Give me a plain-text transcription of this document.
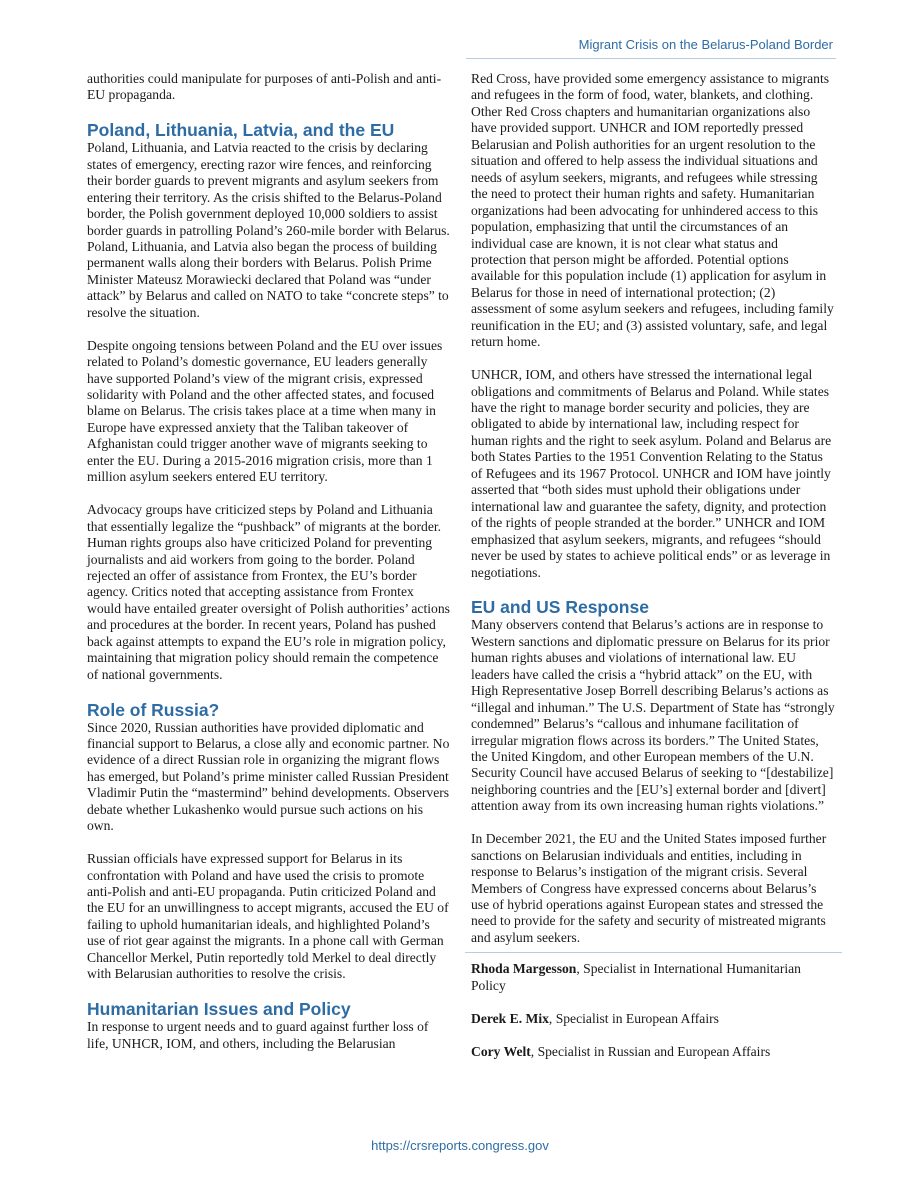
Migrant Crisis on the Belarus-Poland Border

authorities could manipulate for purposes of anti-Polish and anti-EU propaganda.

Poland, Lithuania, Latvia, and the EU

Poland, Lithuania, and Latvia reacted to the crisis by declaring states of emergency, erecting razor wire fences, and reinforcing their border guards to prevent migrants and asylum seekers from entering their territory. As the crisis shifted to the Belarus-Poland border, the Polish government deployed 10,000 soldiers to assist border guards in patrolling Poland’s 260-mile border with Belarus. Poland, Lithuania, and Latvia also began the process of building permanent walls along their borders with Belarus. Polish Prime Minister Mateusz Morawiecki declared that Poland was “under attack” by Belarus and called on NATO to take “concrete steps” to resolve the situation.

Despite ongoing tensions between Poland and the EU over issues related to Poland’s domestic governance, EU leaders generally have supported Poland’s view of the migrant crisis, expressed solidarity with Poland and the other affected states, and focused blame on Belarus. The crisis takes place at a time when many in Europe have expressed anxiety that the Taliban takeover of Afghanistan could trigger another wave of migrants seeking to enter the EU. During a 2015-2016 migration crisis, more than 1 million asylum seekers entered EU territory.

Advocacy groups have criticized steps by Poland and Lithuania that essentially legalize the “pushback” of migrants at the border. Human rights groups also have criticized Poland for preventing journalists and aid workers from going to the border. Poland rejected an offer of assistance from Frontex, the EU’s border agency. Critics noted that accepting assistance from Frontex would have entailed greater oversight of Polish authorities’ actions and procedures at the border. In recent years, Poland has pushed back against attempts to expand the EU’s role in migration policy, maintaining that migration policy should remain the competence of national governments.

Role of Russia?

Since 2020, Russian authorities have provided diplomatic and financial support to Belarus, a close ally and economic partner. No evidence of a direct Russian role in organizing the migrant flows has emerged, but Poland’s prime minister called Russian President Vladimir Putin the “mastermind” behind developments. Observers debate whether Lukashenko would pursue such actions on his own.

Russian officials have expressed support for Belarus in its confrontation with Poland and have used the crisis to promote anti-Polish and anti-EU propaganda. Putin criticized Poland and the EU for an unwillingness to accept migrants, accused the EU of failing to uphold humanitarian ideals, and highlighted Poland’s use of riot gear against the migrants. In a phone call with German Chancellor Merkel, Putin reportedly told Merkel to deal directly with Belarusian authorities to resolve the crisis.

Humanitarian Issues and Policy

In response to urgent needs and to guard against further loss of life, UNHCR, IOM, and others, including the Belarusian

Red Cross, have provided some emergency assistance to migrants and refugees in the form of food, water, blankets, and clothing. Other Red Cross chapters and humanitarian organizations also have provided support. UNHCR and IOM reportedly pressed Belarusian and Polish authorities for an urgent resolution to the situation and offered to help assess the individual situations and needs of asylum seekers, migrants, and refugees while stressing the need to protect their human rights and safety. Humanitarian organizations had been advocating for unhindered access to this population, emphasizing that until the circumstances of an individual case are known, it is not clear what status and protection that person might be afforded. Potential options available for this population include (1) application for asylum in Belarus for those in need of international protection; (2) assessment of some asylum seekers and refugees, including family reunification in the EU; and (3) assisted voluntary, safe, and legal return home.

UNHCR, IOM, and others have stressed the international legal obligations and commitments of Belarus and Poland. While states have the right to manage border security and policies, they are obligated to abide by international law, including respect for human rights and the right to seek asylum. Poland and Belarus are both States Parties to the 1951 Convention Relating to the Status of Refugees and its 1967 Protocol. UNHCR and IOM have jointly asserted that “both sides must uphold their obligations under international law and guarantee the safety, dignity, and protection of the rights of people stranded at the border.” UNHCR and IOM emphasized that asylum seekers, migrants, and refugees “should never be used by states to achieve political ends” or as leverage in negotiations.

EU and US Response

Many observers contend that Belarus’s actions are in response to Western sanctions and diplomatic pressure on Belarus for its prior human rights abuses and violations of international law. EU leaders have called the crisis a “hybrid attack” on the EU, with High Representative Josep Borrell describing Belarus’s actions as “illegal and inhuman.” The U.S. Department of State has “strongly condemned” Belarus’s “callous and inhumane facilitation of irregular migration flows across its borders.” The United States, the United Kingdom, and other European members of the U.N. Security Council have accused Belarus of seeking to “[destabilize] neighboring countries and the [EU’s] external border and [divert] attention away from its own increasing human rights violations.”

In December 2021, the EU and the United States imposed further sanctions on Belarusian individuals and entities, including in response to Belarus’s instigation of the migrant crisis. Several Members of Congress have expressed concerns about Belarus’s use of hybrid operations against European states and stressed the need to provide for the safety and security of mistreated migrants and asylum seekers.

Rhoda Margesson, Specialist in International Humanitarian Policy

Derek E. Mix, Specialist in European Affairs

Cory Welt, Specialist in Russian and European Affairs

https://crsreports.congress.gov
